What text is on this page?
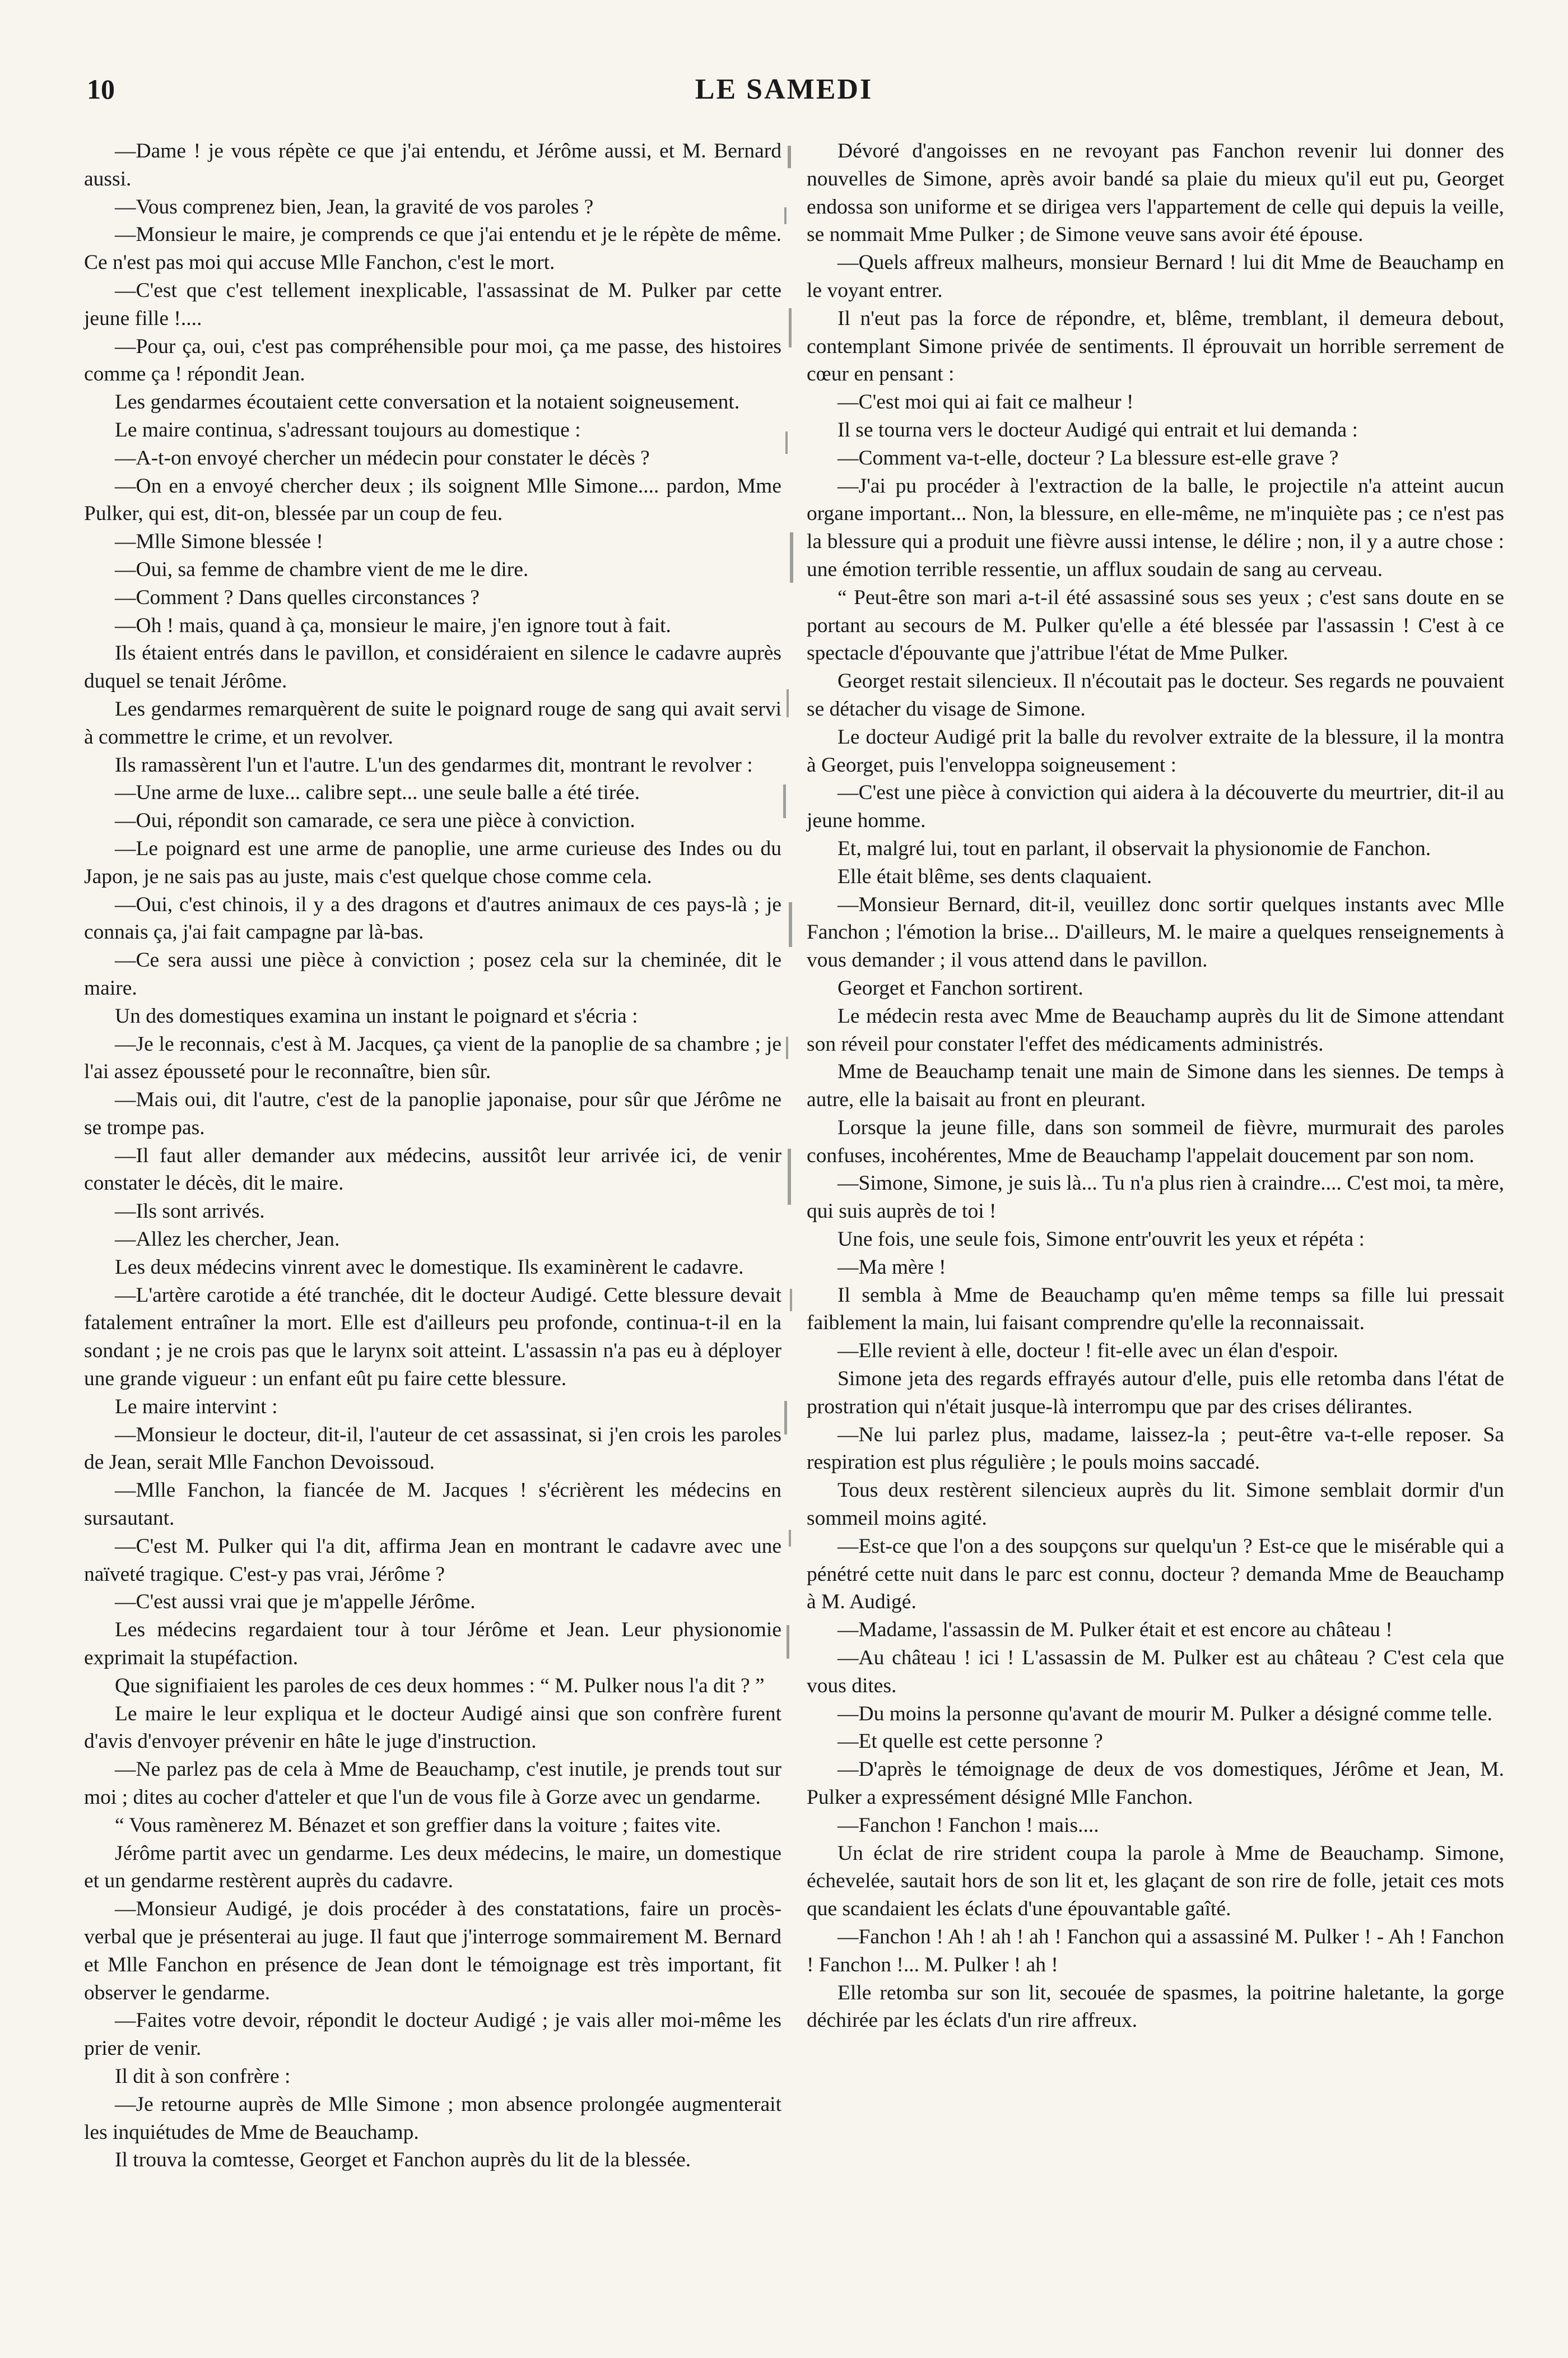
10	LE SAMEDI

—Dame ! je vous répète ce que j'ai entendu, et Jérôme aussi, et M. Bernard aussi.

—Vous comprenez bien, Jean, la gravité de vos paroles ?

—Monsieur le maire, je comprends ce que j'ai entendu et je le répète de même. Ce n'est pas moi qui accuse Mlle Fanchon, c'est le mort.

—C'est que c'est tellement inexplicable, l'assassinat de M. Pulker par cette jeune fille !....

—Pour ça, oui, c'est pas compréhensible pour moi, ça me passe, des histoires comme ça ! répondit Jean.

Les gendarmes écoutaient cette conversation et la notaient soigneusement.

Le maire continua, s'adressant toujours au domestique :

—A-t-on envoyé chercher un médecin pour constater le décès ?

—On en a envoyé chercher deux ; ils soignent Mlle Simone.... pardon, Mme Pulker, qui est, dit-on, blessée par un coup de feu.

—Mlle Simone blessée !

—Oui, sa femme de chambre vient de me le dire.

—Comment ? Dans quelles circonstances ?

—Oh ! mais, quand à ça, monsieur le maire, j'en ignore tout à fait.

Ils étaient entrés dans le pavillon, et considéraient en silence le cadavre auprès duquel se tenait Jérôme.

Les gendarmes remarquèrent de suite le poignard rouge de sang qui avait servi à commettre le crime, et un revolver.

Ils ramassèrent l'un et l'autre. L'un des gendarmes dit, montrant le revolver :

—Une arme de luxe... calibre sept... une seule balle a été tirée.

—Oui, répondit son camarade, ce sera une pièce à conviction.

—Le poignard est une arme de panoplie, une arme curieuse des Indes ou du Japon, je ne sais pas au juste, mais c'est quelque chose comme cela.

—Oui, c'est chinois, il y a des dragons et d'autres animaux de ces pays-là ; je connais ça, j'ai fait campagne par là-bas.

—Ce sera aussi une pièce à conviction ; posez cela sur la cheminée, dit le maire.

Un des domestiques examina un instant le poignard et s'écria :

—Je le reconnais, c'est à M. Jacques, ça vient de la panoplie de sa chambre ; je l'ai assez épousseté pour le reconnaître, bien sûr.

—Mais oui, dit l'autre, c'est de la panoplie japonaise, pour sûr que Jérôme ne se trompe pas.

—Il faut aller demander aux médecins, aussitôt leur arrivée ici, de venir constater le décès, dit le maire.

—Ils sont arrivés.

—Allez les chercher, Jean.

Les deux médecins vinrent avec le domestique. Ils examinèrent le cadavre.

—L'artère carotide a été tranchée, dit le docteur Audigé. Cette blessure devait fatalement entraîner la mort. Elle est d'ailleurs peu profonde, continua-t-il en la sondant ; je ne crois pas que le larynx soit atteint. L'assassin n'a pas eu à déployer une grande vigueur : un enfant eût pu faire cette blessure.

Le maire intervint :

—Monsieur le docteur, dit-il, l'auteur de cet assassinat, si j'en crois les paroles de Jean, serait Mlle Fanchon Devoissoud.

—Mlle Fanchon, la fiancée de M. Jacques ! s'écrièrent les médecins en sursautant.

—C'est M. Pulker qui l'a dit, affirma Jean en montrant le cadavre avec une naïveté tragique. C'est-y pas vrai, Jérôme ?

—C'est aussi vrai que je m'appelle Jérôme.

Les médecins regardaient tour à tour Jérôme et Jean. Leur physionomie exprimait la stupéfaction.

Que signifiaient les paroles de ces deux hommes : “ M. Pulker nous l'a dit ? ”

Le maire le leur expliqua et le docteur Audigé ainsi que son confrère furent d'avis d'envoyer prévenir en hâte le juge d'instruction.

—Ne parlez pas de cela à Mme de Beauchamp, c'est inutile, je prends tout sur moi ; dites au cocher d'atteler et que l'un de vous file à Gorze avec un gendarme.

“ Vous ramènerez M. Bénazet et son greffier dans la voiture ; faites vite.

Jérôme partit avec un gendarme. Les deux médecins, le maire, un domestique et un gendarme restèrent auprès du cadavre.

—Monsieur Audigé, je dois procéder à des constatations, faire un procès-verbal que je présenterai au juge. Il faut que j'interroge sommairement M. Bernard et Mlle Fanchon en présence de Jean dont le témoignage est très important, fit observer le gendarme.

—Faites votre devoir, répondit le docteur Audigé ; je vais aller moi-même les prier de venir.

Il dit à son confrère :

—Je retourne auprès de Mlle Simone ; mon absence prolongée augmenterait les inquiétudes de Mme de Beauchamp.

Il trouva la comtesse, Georget et Fanchon auprès du lit de la blessée.

Dévoré d'angoisses en ne revoyant pas Fanchon revenir lui donner des nouvelles de Simone, après avoir bandé sa plaie du mieux qu'il eut pu, Georget endossa son uniforme et se dirigea vers l'appartement de celle qui depuis la veille, se nommait Mme Pulker ; de Simone veuve sans avoir été épouse.

—Quels affreux malheurs, monsieur Bernard ! lui dit Mme de Beauchamp en le voyant entrer.

Il n'eut pas la force de répondre, et, blême, tremblant, il demeura debout, contemplant Simone privée de sentiments. Il éprouvait un horrible serrement de cœur en pensant :

—C'est moi qui ai fait ce malheur !

Il se tourna vers le docteur Audigé qui entrait et lui demanda :

—Comment va-t-elle, docteur ? La blessure est-elle grave ?

—J'ai pu procéder à l'extraction de la balle, le projectile n'a atteint aucun organe important... Non, la blessure, en elle-même, ne m'inquiète pas ; ce n'est pas la blessure qui a produit une fièvre aussi intense, le délire ; non, il y a autre chose : une émotion terrible ressentie, un afflux soudain de sang au cerveau.

“ Peut-être son mari a-t-il été assassiné sous ses yeux ; c'est sans doute en se portant au secours de M. Pulker qu'elle a été blessée par l'assassin ! C'est à ce spectacle d'épouvante que j'attribue l'état de Mme Pulker.

Georget restait silencieux. Il n'écoutait pas le docteur. Ses regards ne pouvaient se détacher du visage de Simone.

Le docteur Audigé prit la balle du revolver extraite de la blessure, il la montra à Georget, puis l'enveloppa soigneusement :

—C'est une pièce à conviction qui aidera à la découverte du meurtrier, dit-il au jeune homme.

Et, malgré lui, tout en parlant, il observait la physionomie de Fanchon.

Elle était blême, ses dents claquaient.

—Monsieur Bernard, dit-il, veuillez donc sortir quelques instants avec Mlle Fanchon ; l'émotion la brise... D'ailleurs, M. le maire a quelques renseignements à vous demander ; il vous attend dans le pavillon.

Georget et Fanchon sortirent.

Le médecin resta avec Mme de Beauchamp auprès du lit de Simone attendant son réveil pour constater l'effet des médicaments administrés.

Mme de Beauchamp tenait une main de Simone dans les siennes. De temps à autre, elle la baisait au front en pleurant.

Lorsque la jeune fille, dans son sommeil de fièvre, murmurait des paroles confuses, incohérentes, Mme de Beauchamp l'appelait doucement par son nom.

—Simone, Simone, je suis là... Tu n'a plus rien à craindre.... C'est moi, ta mère, qui suis auprès de toi !

Une fois, une seule fois, Simone entr'ouvrit les yeux et répéta :

—Ma mère !

Il sembla à Mme de Beauchamp qu'en même temps sa fille lui pressait faiblement la main, lui faisant comprendre qu'elle la reconnaissait.

—Elle revient à elle, docteur ! fit-elle avec un élan d'espoir.

Simone jeta des regards effrayés autour d'elle, puis elle retomba dans l'état de prostration qui n'était jusque-là interrompu que par des crises délirantes.

—Ne lui parlez plus, madame, laissez-la ; peut-être va-t-elle reposer. Sa respiration est plus régulière ; le pouls moins saccadé.

Tous deux restèrent silencieux auprès du lit. Simone semblait dormir d'un sommeil moins agité.

—Est-ce que l'on a des soupçons sur quelqu'un ? Est-ce que le misérable qui a pénétré cette nuit dans le parc est connu, docteur ? demanda Mme de Beauchamp à M. Audigé.

—Madame, l'assassin de M. Pulker était et est encore au château !

—Au château ! ici ! L'assassin de M. Pulker est au château ? C'est cela que vous dites.

—Du moins la personne qu'avant de mourir M. Pulker a désigné comme telle.

—Et quelle est cette personne ?

—D'après le témoignage de deux de vos domestiques, Jérôme et Jean, M. Pulker a expressément désigné Mlle Fanchon.

—Fanchon ! Fanchon ! mais....

Un éclat de rire strident coupa la parole à Mme de Beauchamp. Simone, échevelée, sautait hors de son lit et, les glaçant de son rire de folle, jetait ces mots que scandaient les éclats d'une épouvantable gaîté.

—Fanchon ! Ah ! ah ! ah ! Fanchon qui a assassiné M. Pulker ! - Ah ! Fanchon ! Fanchon !... M. Pulker ! ah !

Elle retomba sur son lit, secouée de spasmes, la poitrine haletante, la gorge déchirée par les éclats d'un rire affreux.
